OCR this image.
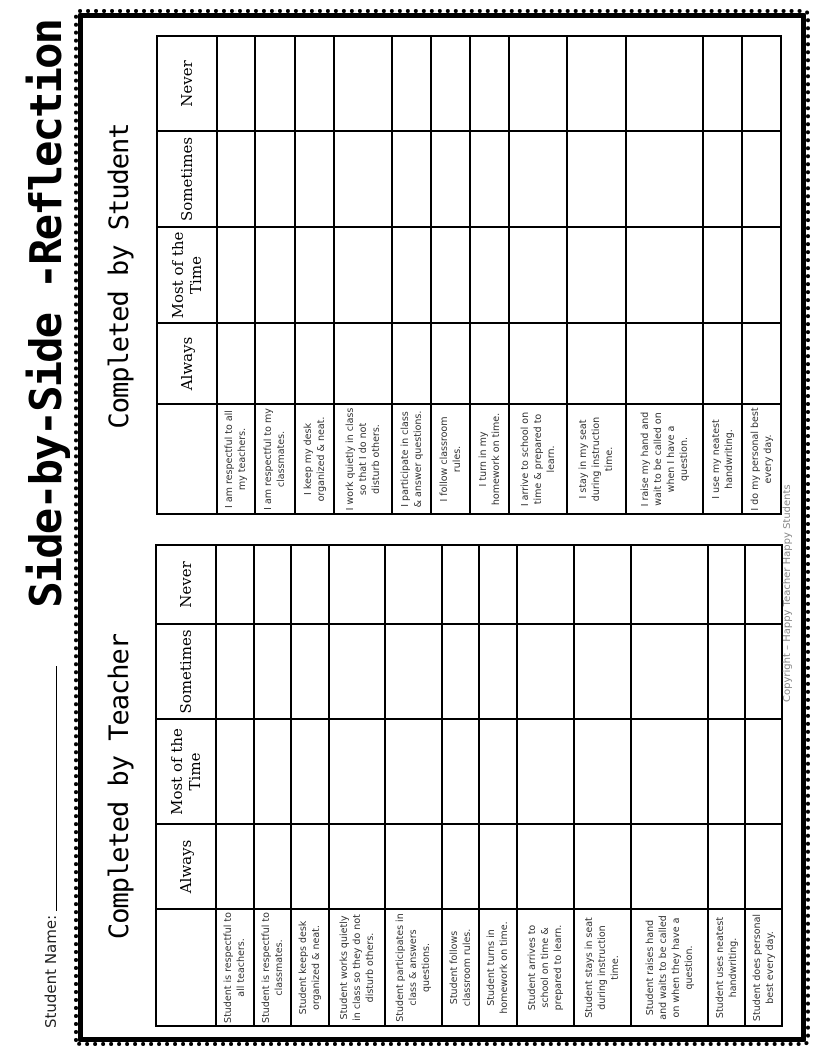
Student Name:
Side-by-Side -Reflection
Completed by Teacher
Completed by Student
	Always	Most of the Time	Sometimes	Never
Student is respectful to all teachers.				
Student is respectful to classmates.				
Student keeps desk organized & neat.				
Student works quietly in class so they do not disturb others.				
Student participates in class & answers questions.				
Student follows classroom rules.				
Student turns in homework on time.				
Student arrives to school on time & prepared to learn.				
Student stays in seat during instruction time.				
Student raises hand and waits to be called on when they have a question.				
Student uses neatest handwriting.				
Student does personal best every day.				
	Always	Most of the Time	Sometimes	Never
I am respectful to all my teachers.				
I am respectful to my classmates.				
I keep my desk organized & neat.				
I work quietly in class so that I do not disturb others.				
I participate in class & answer questions.				
I follow classroom rules.				
I turn in my homework on time.				
I arrive to school on time & prepared to learn.				
I stay in my seat during instruction time.				
I raise my hand and wait to be called on when I have a question.				
I use my neatest handwriting.				
I do my personal best every day.				
Copyright – Happy Teacher Happy Students
